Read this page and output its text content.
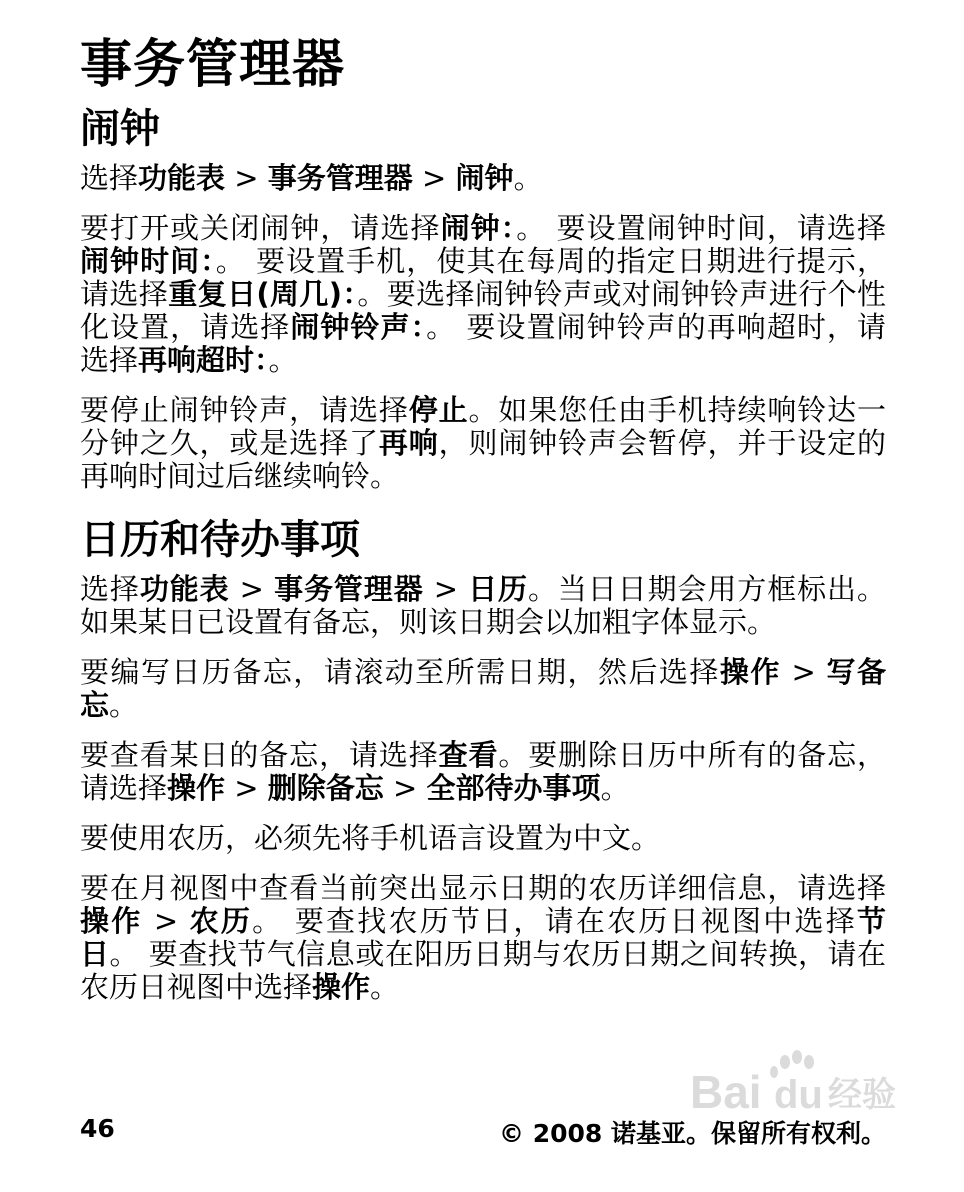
事务管理器
闹钟

选择功能表 > 事务管理器 > 闹钟。

要打开或关闭闹钟，请选择闹钟：。 要设置闹钟时间，请选择闹钟时间：。 要设置手机，使其在每周的指定日期进行提示，请选择重复日(周几)：。要选择闹钟铃声或对闹钟铃声进行个性化设置，请选择闹钟铃声：。 要设置闹钟铃声的再响超时，请选择再响超时：。

要停止闹钟铃声，请选择停止。如果您任由手机持续响铃达一分钟之久，或是选择了再响，则闹钟铃声会暂停，并于设定的再响时间过后继续响铃。

日历和待办事项

选择功能表 > 事务管理器 > 日历。当日日期会用方框标出。如果某日已设置有备忘，则该日期会以加粗字体显示。

要编写日历备忘，请滚动至所需日期，然后选择操作 > 写备忘。

要查看某日的备忘，请选择查看。要删除日历中所有的备忘，请选择操作 > 删除备忘 > 全部待办事项。

要使用农历，必须先将手机语言设置为中文。

要在月视图中查看当前突出显示日期的农历详细信息，请选择操作 > 农历。 要查找农历节日，请在农历日视图中选择节日。 要查找节气信息或在阳历日期与农历日期之间转换，请在农历日视图中选择操作。

Bai du 经验
46	© 2008 诺基亚。保留所有权利。
